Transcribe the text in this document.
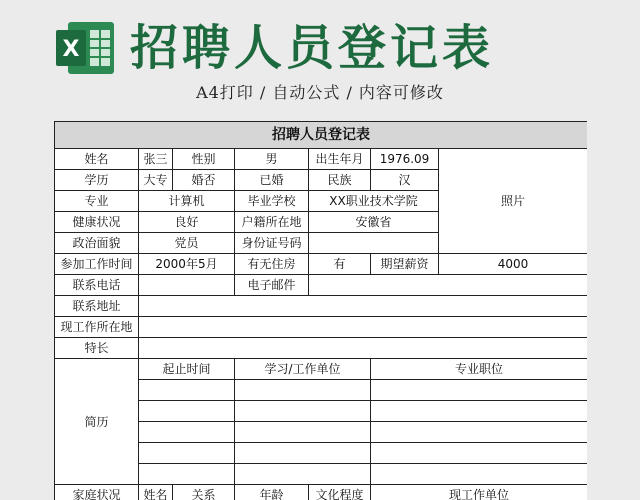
X 招聘人员登记表
A4打印 / 自动公式 / 内容可修改
招聘人员登记表						
姓名	张三	性别	男	出生年月	1976.09	照片
学历	大专	婚否	已婚	民族	汉	
专业	计算机		毕业学校	XX职业技术学院		
健康状况	良好		户籍所在地	安徽省		
政治面貌	党员		身份证号码			
参加工作时间	2000年5月		有无住房	有	期望薪资	4000
联系电话			电子邮件			
联系地址						
现工作所在地						
特长						
简历	起止时间		学习/工作单位		专业职位	

家庭状况	姓名	关系	年龄	文化程度	现工作单位	
